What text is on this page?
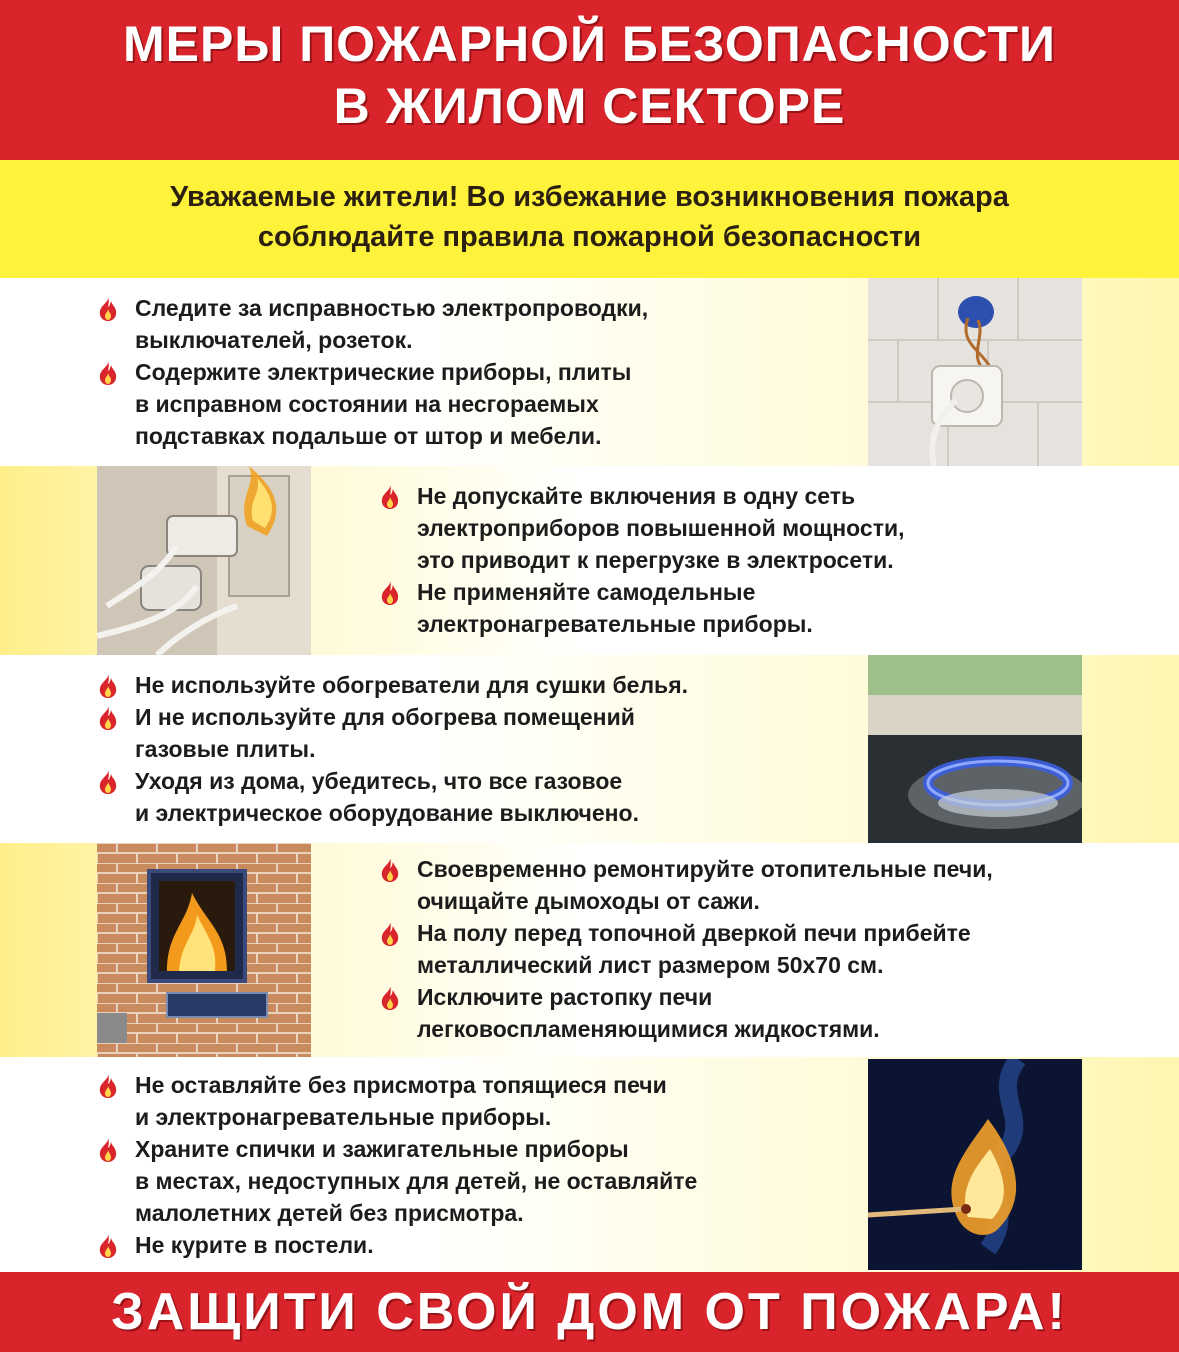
МЕРЫ ПОЖАРНОЙ БЕЗОПАСНОСТИ
В ЖИЛОМ СЕКТОРЕ
Уважаемые жители! Во избежание возникновения пожара
соблюдайте правила пожарной безопасности
Следите за исправностью электропроводки,
выключателей, розеток.
Содержите электрические приборы, плиты
в исправном состоянии на несгораемых
подставках подальше от штор и мебели.
Не допускайте включения в одну сеть
электроприборов повышенной мощности,
это приводит к перегрузке в электросети.
Не применяйте самодельные
электронагревательные приборы.
Не используйте обогреватели для сушки белья.
И не используйте для обогрева помещений
газовые плиты.
Уходя из дома, убедитесь, что все газовое
и электрическое оборудование выключено.
Своевременно ремонтируйте отопительные печи,
очищайте дымоходы от сажи.
На полу перед топочной дверкой печи прибейте
металлический лист размером 50х70 см.
Исключите растопку печи
легковоспламеняющимися жидкостями.
Не оставляйте без присмотра топящиеся печи
и электронагревательные приборы.
Храните спички и зажигательные приборы
в местах, недоступных для детей, не оставляйте
малолетних детей без присмотра.
Не курите в постели.
ЗАЩИТИ СВОЙ ДОМ ОТ ПОЖАРА!
